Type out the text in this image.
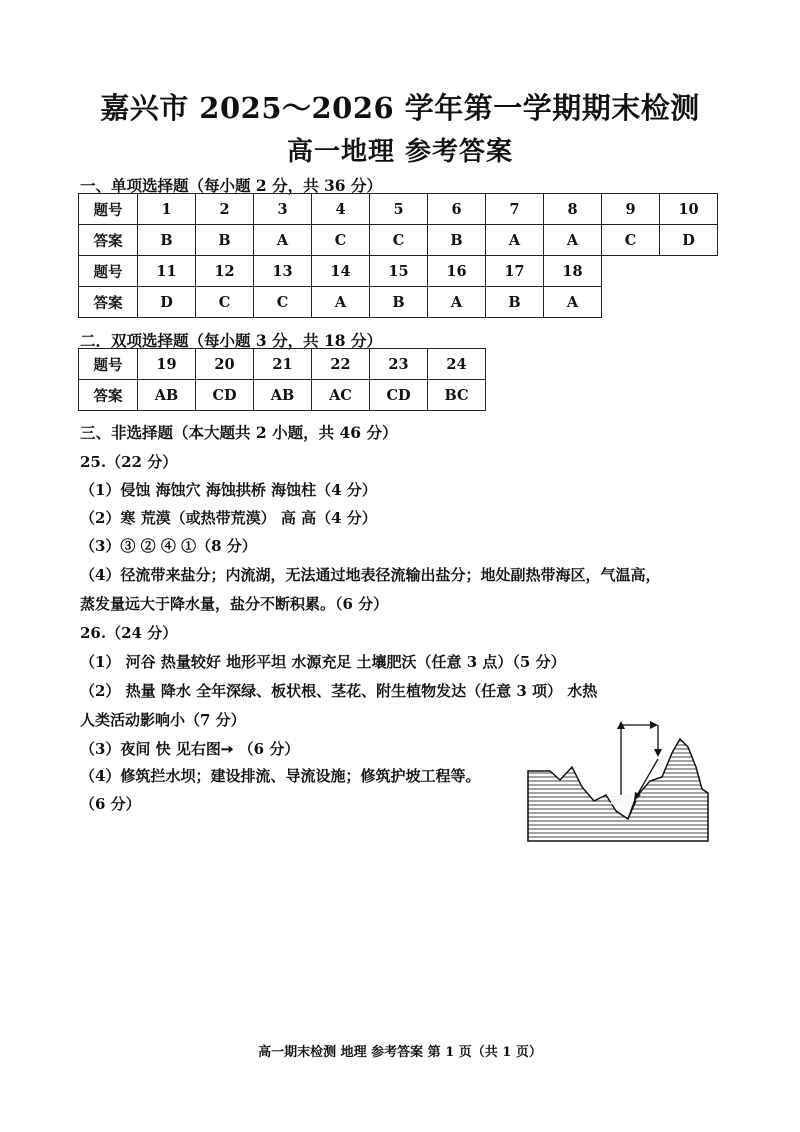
嘉兴市 2025～2026 学年第一学期期末检测
高一地理 参考答案
一、单项选择题（每小题 2 分，共 36 分）
题号	1	2	3	4	5	6	7	8	9	10
答案	B	B	A	C	C	B	A	A	C	D
题号	11	12	13	14	15	16	17	18		
答案	D	C	C	A	B	A	B	A		
二．双项选择题（每小题 3 分，共 18 分）
题号	19	20	21	22	23	24
答案	AB	CD	AB	AC	CD	BC
三、非选择题（本大题共 2 小题，共 46 分）
25.（22 分）
（1）侵蚀 海蚀穴 海蚀拱桥 海蚀柱（4 分）
（2）寒 荒漠（或热带荒漠） 高 高（4 分）
（3）③ ② ④ ①（8 分）
（4）径流带来盐分；内流湖，无法通过地表径流输出盐分；地处副热带海区，气温高，
蒸发量远大于降水量，盐分不断积累。（6 分）
26.（24 分）
（1） 河谷 热量较好 地形平坦 水源充足 土壤肥沃（任意 3 点）（5 分）
（2） 热量 降水 全年深绿、板状根、茎花、附生植物发达（任意 3 项） 水热
人类活动影响小（7 分）
（3）夜间 快 见右图➙ （6 分）
（4）修筑拦水坝；建设排流、导流设施；修筑护坡工程等。
（6 分）	崖脱
高一期末检测 地理 参考答案 第 1 页（共 1 页）
